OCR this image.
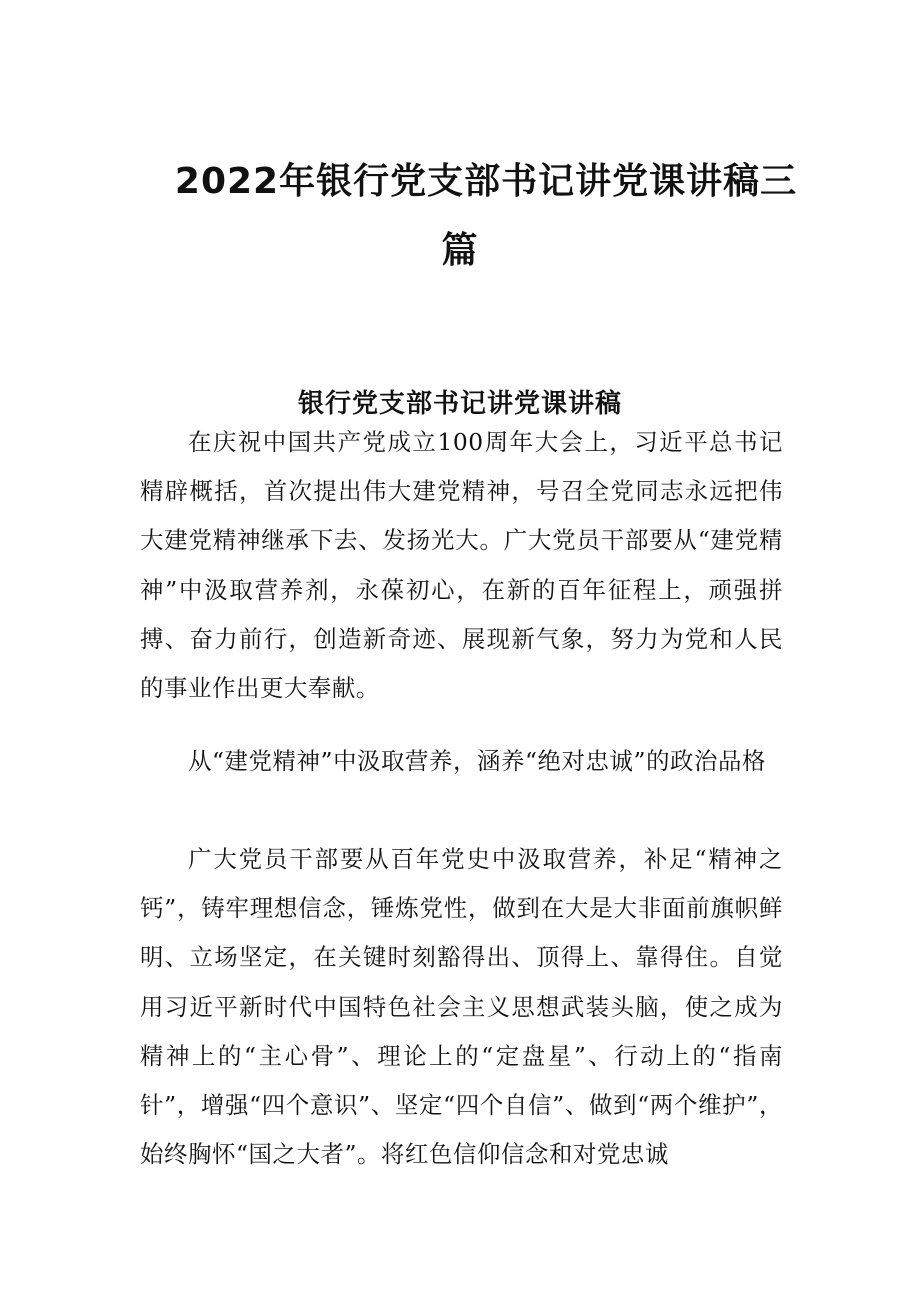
2022年银行党支部书记讲党课讲稿三
篇
银行党支部书记讲党课讲稿

在庆祝中国共产党成立100周年大会上，习近平总书记精辟概括，首次提出伟大建党精神，号召全党同志永远把伟大建党精神继承下去、发扬光大。广大党员干部要从“建党精神”中汲取营养剂，永葆初心，在新的百年征程上，顽强拼搏、奋力前行，创造新奇迹、展现新气象，努力为党和人民的事业作出更大奉献。

从“建党精神”中汲取营养，涵养“绝对忠诚”的政治品格

广大党员干部要从百年党史中汲取营养，补足“精神之钙”，铸牢理想信念，锤炼党性，做到在大是大非面前旗帜鲜明、立场坚定，在关键时刻豁得出、顶得上、靠得住。自觉用习近平新时代中国特色社会主义思想武装头脑，使之成为精神上的“主心骨”、理论上的“定盘星”、行动上的“指南针”，增强“四个意识”、坚定“四个自信”、做到“两个维护”，始终胸怀“国之大者”。将红色信仰信念和对党忠诚
